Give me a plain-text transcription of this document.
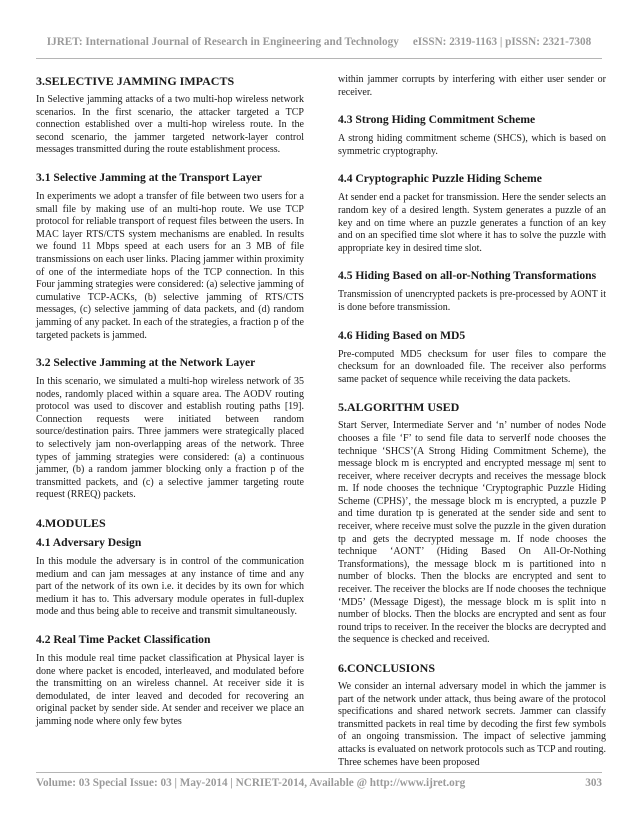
IJRET: International Journal of Research in Engineering and Technology eISSN: 2319-1163 | pISSN: 2321-7308
3.SELECTIVE JAMMING IMPACTS

In Selective jamming attacks of a two multi-hop wireless network scenarios. In the first scenario, the attacker targeted a TCP connection established over a multi-hop wireless route. In the second scenario, the jammer targeted network-layer control messages transmitted during the route establishment process.

3.1 Selective Jamming at the Transport Layer

In experiments we adopt a transfer of file between two users for a small file by making use of an multi-hop route. We use TCP protocol for reliable transport of request files between the users. In MAC layer RTS/CTS system mechanisms are enabled. In results we found 11 Mbps speed at each users for an 3 MB of file transmissions on each user links. Placing jammer within proximity of one of the intermediate hops of the TCP connection. In this Four jamming strategies were considered: (a) selective jamming of cumulative TCP-ACKs, (b) selective jamming of RTS/CTS messages, (c) selective jamming of data packets, and (d) random jamming of any packet. In each of the strategies, a fraction p of the targeted packets is jammed.

3.2 Selective Jamming at the Network Layer

In this scenario, we simulated a multi-hop wireless network of 35 nodes, randomly placed within a square area. The AODV routing protocol was used to discover and establish routing paths [19]. Connection requests were initiated between random source/destination pairs. Three jammers were strategically placed to selectively jam non-overlapping areas of the network. Three types of jamming strategies were considered: (a) a continuous jammer, (b) a random jammer blocking only a fraction p of the transmitted packets, and (c) a selective jammer targeting route request (RREQ) packets.

4.MODULES
4.1 Adversary Design

In this module the adversary is in control of the communication medium and can jam messages at any instance of time and any part of the network of its own i.e. it decides by its own for which medium it has to. This adversary module operates in full-duplex mode and thus being able to receive and transmit simultaneously.

4.2 Real Time Packet Classification

In this module real time packet classification at Physical layer is done where packet is encoded, interleaved, and modulated before the transmitting on an wireless channel. At receiver side it is demodulated, de inter leaved and decoded for recovering an original packet by sender side. At sender and receiver we place an jamming node where only few bytes

within jammer corrupts by interfering with either user sender or receiver.

4.3 Strong Hiding Commitment Scheme

A strong hiding commitment scheme (SHCS), which is based on symmetric cryptography.

4.4 Cryptographic Puzzle Hiding Scheme

At sender end a packet for transmission. Here the sender selects an random key of a desired length. System generates a puzzle of an key and on time where an puzzle generates a function of an key and on an specified time slot where it has to solve the puzzle with appropriate key in desired time slot.

4.5 Hiding Based on all-or-Nothing Transformations

Transmission of unencrypted packets is pre-processed by AONT it is done before transmission.

4.6 Hiding Based on MD5

Pre-computed MD5 checksum for user files to compare the checksum for an downloaded file. The receiver also performs same packet of sequence while receiving the data packets.

5.ALGORITHM USED

Start Server, Intermediate Server and ‘n’ number of nodes Node chooses a file ‘F’ to send file data to serverIf node chooses the technique ‘SHCS’(A Strong Hiding Commitment Scheme), the message block m is encrypted and encrypted message m| sent to receiver, where receiver decrypts and receives the message block m. If node chooses the technique ‘Cryptographic Puzzle Hiding Scheme (CPHS)’, the message block m is encrypted, a puzzle P and time duration tp is generated at the sender side and sent to receiver, where receive must solve the puzzle in the given duration tp and gets the decrypted message m. If node chooses the technique ‘AONT’ (Hiding Based On All-Or-Nothing Transformations), the message block m is partitioned into n number of blocks. Then the blocks are encrypted and sent to receiver. The receiver the blocks are If node chooses the technique ‘MD5’ (Message Digest), the message block m is split into n number of blocks. Then the blocks are encrypted and sent as four round trips to receiver. In the receiver the blocks are decrypted and the sequence is checked and received.

6.CONCLUSIONS

We consider an internal adversary model in which the jammer is part of the network under attack, thus being aware of the protocol specifications and shared network secrets. Jammer can classify transmitted packets in real time by decoding the first few symbols of an ongoing transmission. The impact of selective jamming attacks is evaluated on network protocols such as TCP and routing. Three schemes have been proposed

Volume: 03 Special Issue: 03 | May-2014 | NCRIET-2014, Available @ http://www.ijret.org	303
